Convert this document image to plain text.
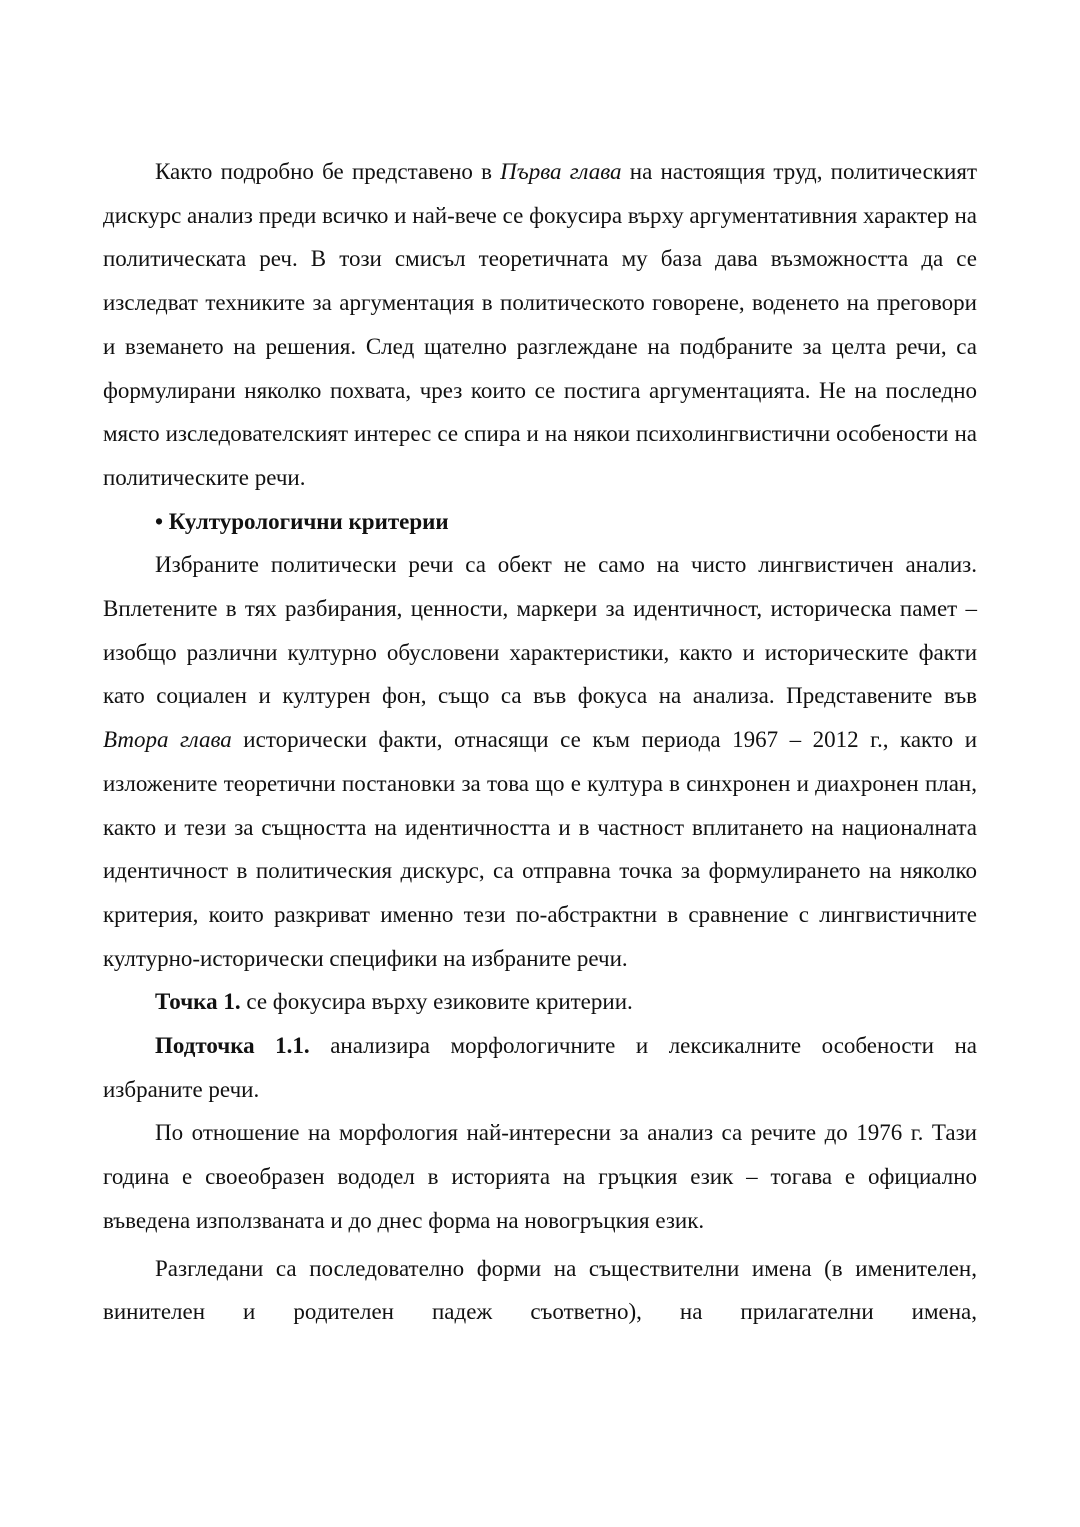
Както подробно бе представено в Първа глава на настоящия труд, политическият дискурс анализ преди всичко и най-вече се фокусира върху аргументативния характер на политическата реч. В този смисъл теоретичната му база дава възможността да се изследват техниките за аргументация в политическото говорене, воденето на преговори и вземането на решения. След щателно разглеждане на подбраните за целта речи, са формулирани няколко похвата, чрез които се постига аргументацията. Не на последно място изследователският интерес се спира и на някои психолингвистични особености на политическите речи.

• Културологични критерии

Избраните политически речи са обект не само на чисто лингвистичен анализ. Вплетените в тях разбирания, ценности, маркери за идентичност, историческа памет – изобщо различни културно обусловени характеристики, както и историческите факти като социален и културен фон, също са във фокуса на анализа. Представените във Втора глава исторически факти, отнасящи се към периода 1967 – 2012 г., както и изложените теоретични постановки за това що е култура в синхронен и диахронен план, както и тези за същността на идентичността и в частност вплитането на националната идентичност в политическия дискурс, са отправна точка за формулирането на няколко критерия, които разкриват именно тези по-абстрактни в сравнение с лингвистичните културно-исторически специфики на избраните речи.

Точка 1. се фокусира върху езиковите критерии.

Подточка 1.1. анализира морфологичните и лексикалните особености на избраните речи.

По отношение на морфология най-интересни за анализ са речите до 1976 г. Тази година е своеобразен вододел в историята на гръцкия език – тогава е официално въведена използваната и до днес форма на новогръцкия език.

Разгледани са последователно форми на съществителни имена (в именителен, винителен и родителен падеж съответно), на прилагателни имена,
